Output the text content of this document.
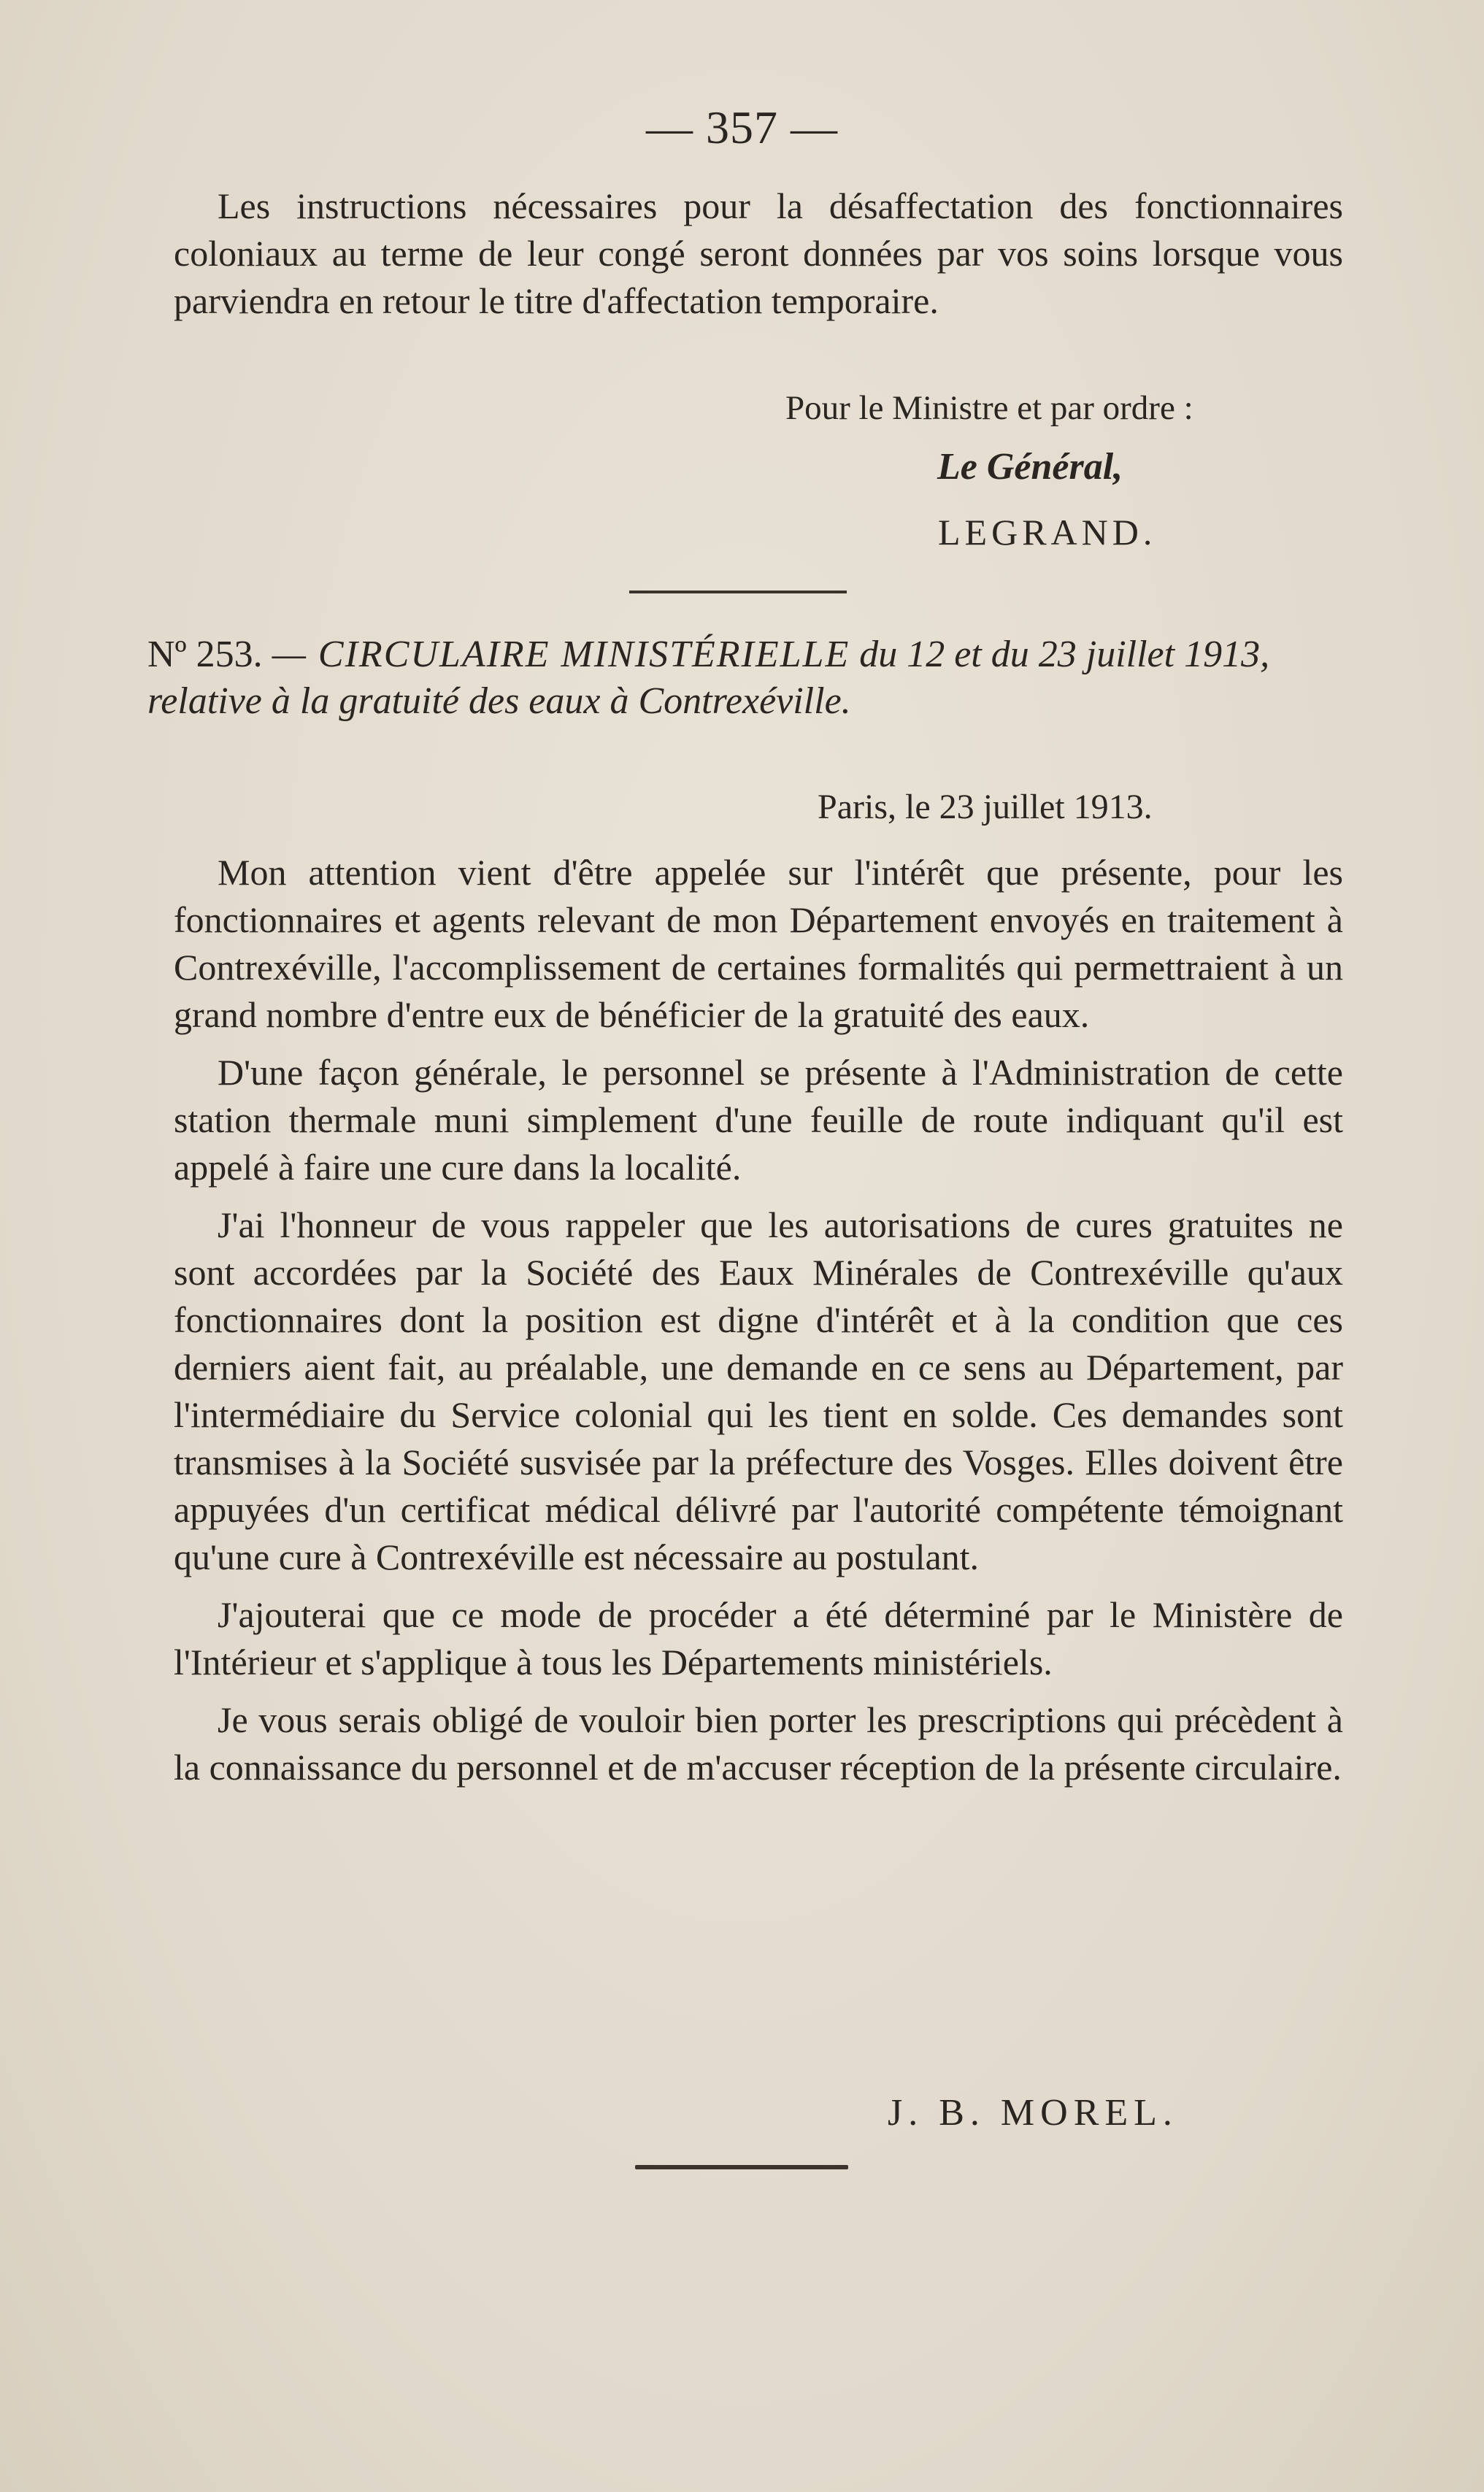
— 357 —

Les instructions nécessaires pour la désaffectation des fonctionnaires coloniaux au terme de leur congé seront données par vos soins lorsque vous parviendra en retour le titre d'affectation temporaire.

Pour le Ministre et par ordre :
Le Général,
LEGRAND.
Nº 253. — CIRCULAIRE MINISTÉRIELLE du 12 et du 23 juillet 1913, relative à la gratuité des eaux à Contrexéville.
Paris, le 23 juillet 1913.

Mon attention vient d'être appelée sur l'intérêt que présente, pour les fonctionnaires et agents relevant de mon Département envoyés en traitement à Contrexéville, l'accomplissement de certaines formalités qui permettraient à un grand nombre d'entre eux de bénéficier de la gratuité des eaux.

D'une façon générale, le personnel se présente à l'Administration de cette station thermale muni simplement d'une feuille de route indiquant qu'il est appelé à faire une cure dans la localité.

J'ai l'honneur de vous rappeler que les autorisations de cures gratuites ne sont accordées par la Société des Eaux Minérales de Contrexéville qu'aux fonctionnaires dont la position est digne d'intérêt et à la condition que ces derniers aient fait, au préalable, une demande en ce sens au Département, par l'intermédiaire du Service colonial qui les tient en solde. Ces demandes sont transmises à la Société susvisée par la préfecture des Vosges. Elles doivent être appuyées d'un certificat médical délivré par l'autorité compétente témoignant qu'une cure à Contrexéville est nécessaire au postulant.

J'ajouterai que ce mode de procéder a été déterminé par le Ministère de l'Intérieur et s'applique à tous les Départements ministériels.

Je vous serais obligé de vouloir bien porter les prescriptions qui précèdent à la connaissance du personnel et de m'accuser réception de la présente circulaire.

J. B. MOREL.
